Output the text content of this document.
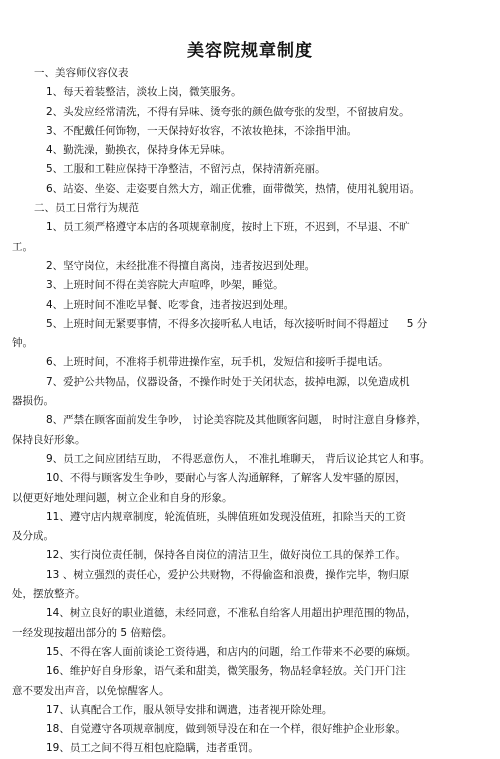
美容院规章制度
一、美容师仪容仪表
1、每天着装整洁，淡妆上岗，微笑服务。
2、头发应经常清洗，不得有异味、烫夸张的颜色做夸张的发型，不留披肩发。
3、不配戴任何饰物，一天保持好妆容，不浓妆艳抹，不涂指甲油。
4、勤洗澡，勤换衣，保持身体无异味。
5、工服和工鞋应保持干净整洁，不留污点，保持清新亮丽。
6、站姿、坐姿、走姿要自然大方，端正优雅，面带微笑，热情，使用礼貌用语。
二、员工日常行为规范
1、员工须严格遵守本店的各项规章制度，按时上下班，不迟到，不早退、不旷
工。
2、坚守岗位，未经批准不得擅自离岗，违者按迟到处理。
3、上班时间不得在美容院大声喧哗，吵架，睡觉。
4、上班时间不准吃早餐、吃零食，违者按迟到处理。
5、上班时间无紧要事情，不得多次接听私人电话，每次接听时间不得超过 5 分
钟。
6、上班时间，不准将手机带进操作室，玩手机，发短信和接听手提电话。
7、爱护公共物品，仪器设备，不操作时处于关闭状态，拔掉电源，以免造成机
器损伤。
8、严禁在顾客面前发生争吵， 讨论美容院及其他顾客问题， 时时注意自身修养，
保持良好形象。
9、员工之间应团结互助， 不得恶意伤人， 不准扎堆聊天， 背后议论其它人和事。
10、不得与顾客发生争吵，要耐心与客人沟通解释，了解客人发牢骚的原因，
以便更好地处理问题，树立企业和自身的形象。
11、遵守店内规章制度，轮流值班，头牌值班如发现没值班，扣除当天的工资
及分成。
12、实行岗位责任制，保持各自岗位的清洁卫生，做好岗位工具的保养工作。
13 、树立强烈的责任心，爱护公共财物，不得偷盗和浪费，操作完毕，物归原
处，摆放整齐。
14、树立良好的职业道德，未经同意，不准私自给客人用超出护理范围的物品，
一经发现按超出部分的 5 倍赔偿。
15、不得在客人面前谈论工资待遇，和店内的问题，给工作带来不必要的麻烦。
16、维护好自身形象，语气柔和甜美，微笑服务，物品轻拿轻放。关门开门注
意不要发出声音，以免惊醒客人。
17、认真配合工作，服从领导安排和调遣，违者视开除处理。
18、自觉遵守各项规章制度，做到领导没在和在一个样，很好维护企业形象。
19、员工之间不得互相包庇隐瞒，违者重罚。
